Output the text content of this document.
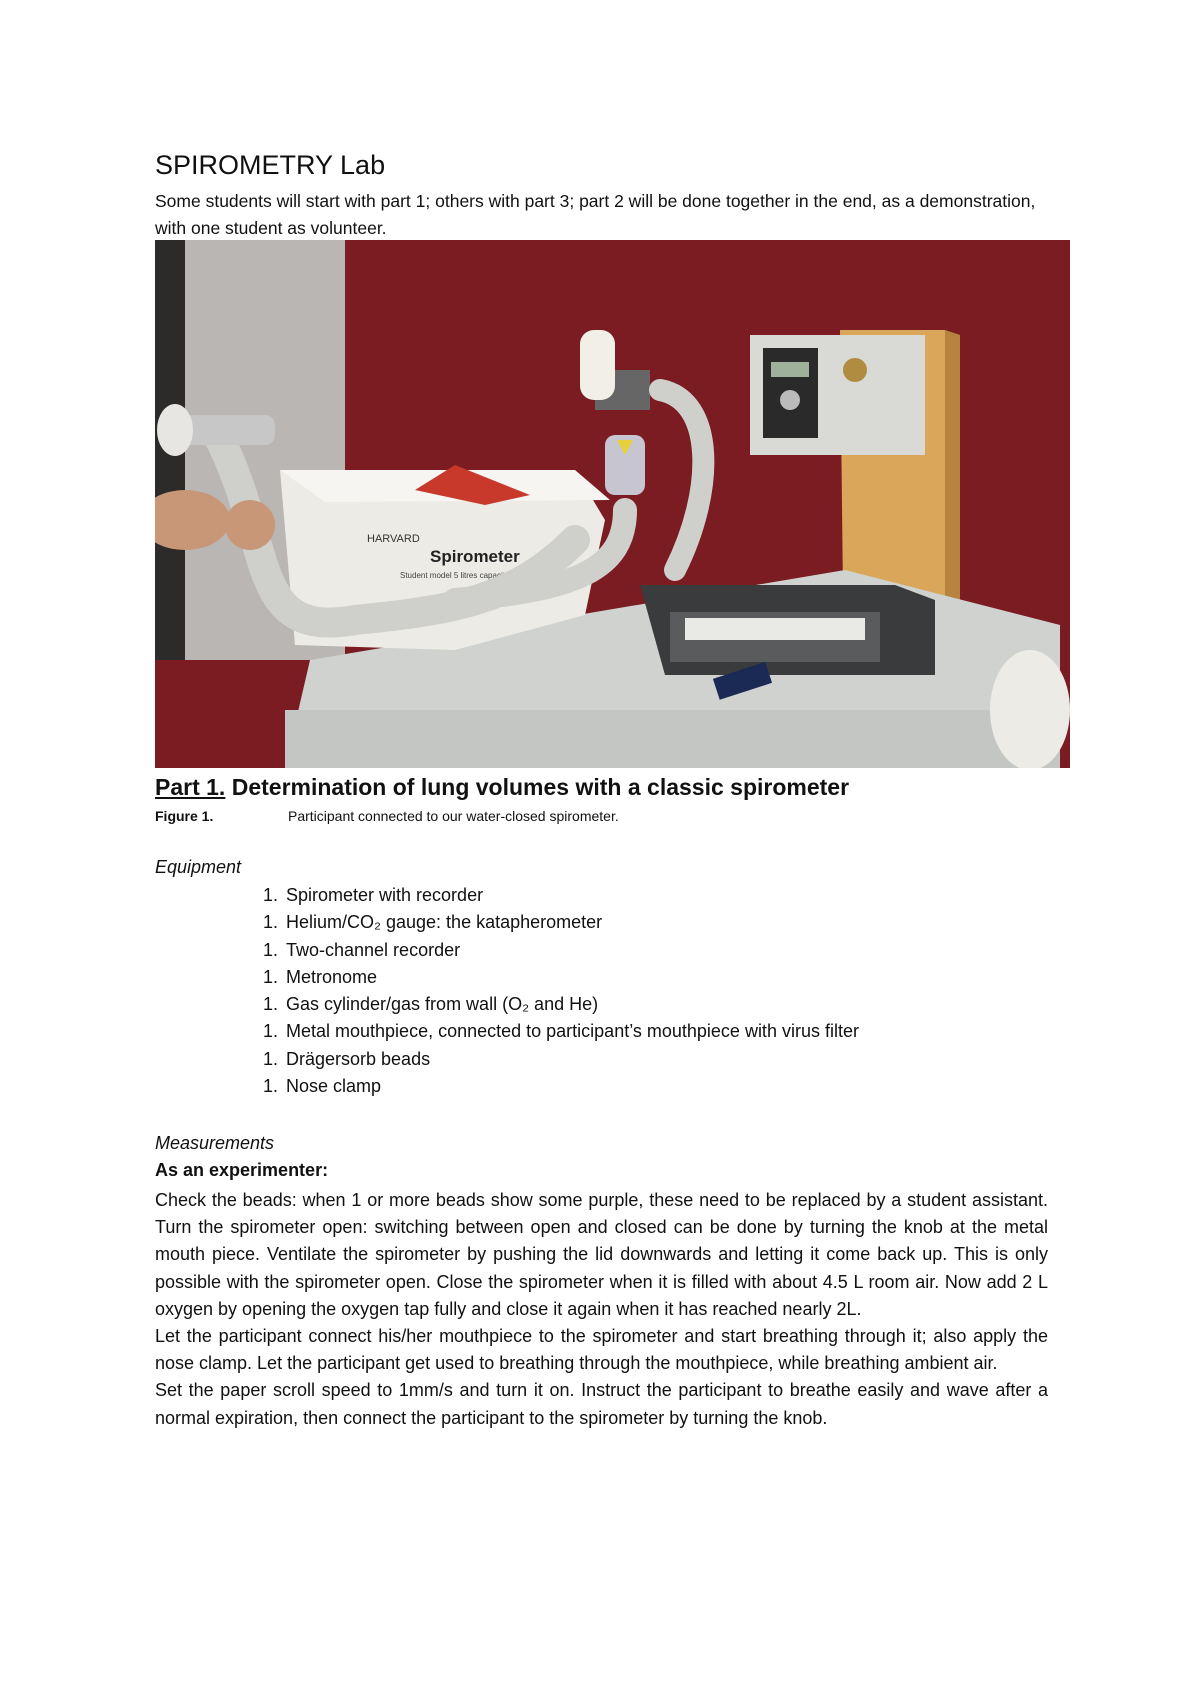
SPIROMETRY Lab
Some students will start with part 1; others with part 3; part 2 will be done together in the end, as a demonstration, with one student as volunteer.
HARVARD
Spirometer
Student model 5 litres capacity
Part 1. Determination of lung volumes with a classic spirometer
Figure 1.	Participant connected to our water-closed spirometer.
Equipment
1. Spirometer with recorder
1. Helium/CO₂ gauge: the katapherometer
1. Two-channel recorder
1. Metronome
1. Gas cylinder/gas from wall (O₂ and He)
1. Metal mouthpiece, connected to participant’s mouthpiece with virus filter
1. Drägersorb beads
1. Nose clamp
Measurements
As an experimenter:

Check the beads: when 1 or more beads show some purple, these need to be replaced by a student assistant. Turn the spirometer open: switching between open and closed can be done by turning the knob at the metal mouth piece. Ventilate the spirometer by pushing the lid downwards and letting it come back up. This is only possible with the spirometer open. Close the spirometer when it is filled with about 4.5 L room air. Now add 2 L oxygen by opening the oxygen tap fully and close it again when it has reached nearly 2L.

Let the participant connect his/her mouthpiece to the spirometer and start breathing through it; also apply the nose clamp. Let the participant get used to breathing through the mouthpiece, while breathing ambient air.

Set the paper scroll speed to 1mm/s and turn it on. Instruct the participant to breathe easily and wave after a normal expiration, then connect the participant to the spirometer by turning the knob.
